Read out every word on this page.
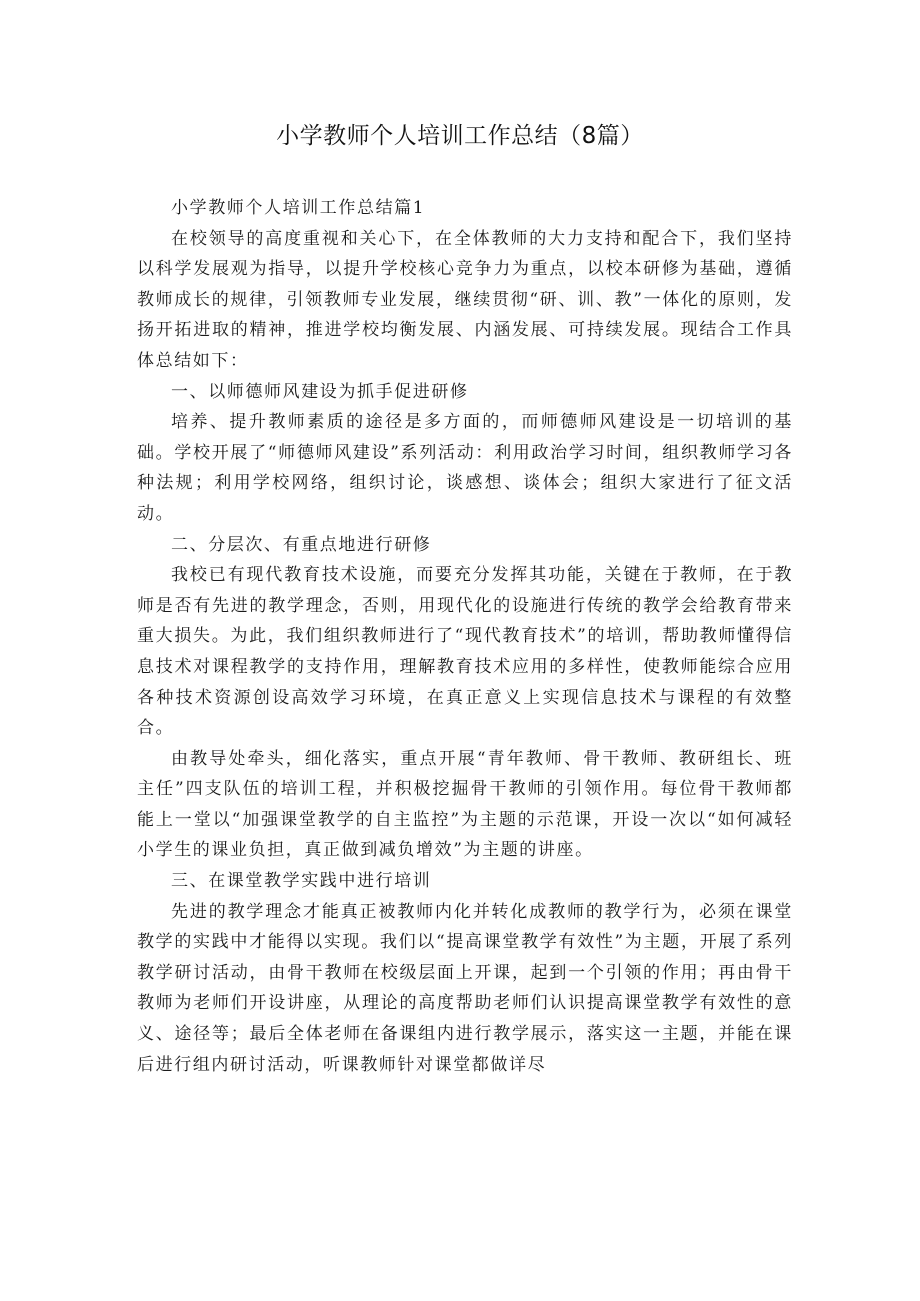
小学教师个人培训工作总结（8篇）

小学教师个人培训工作总结篇1

在校领导的高度重视和关心下，在全体教师的大力支持和配合下，我们坚持以科学发展观为指导，以提升学校核心竞争力为重点，以校本研修为基础，遵循教师成长的规律，引领教师专业发展，继续贯彻“研、训、教”一体化的原则，发扬开拓进取的精神，推进学校均衡发展、内涵发展、可持续发展。现结合工作具体总结如下：

一、以师德师风建设为抓手促进研修

培养、提升教师素质的途径是多方面的，而师德师风建设是一切培训的基础。学校开展了“师德师风建设”系列活动：利用政治学习时间，组织教师学习各种法规；利用学校网络，组织讨论，谈感想、谈体会；组织大家进行了征文活动。

二、分层次、有重点地进行研修

我校已有现代教育技术设施，而要充分发挥其功能，关键在于教师，在于教师是否有先进的教学理念，否则，用现代化的设施进行传统的教学会给教育带来重大损失。为此，我们组织教师进行了“现代教育技术”的培训，帮助教师懂得信息技术对课程教学的支持作用，理解教育技术应用的多样性，使教师能综合应用各种技术资源创设高效学习环境，在真正意义上实现信息技术与课程的有效整合。

由教导处牵头，细化落实，重点开展“青年教师、骨干教师、教研组长、班主任”四支队伍的培训工程，并积极挖掘骨干教师的引领作用。每位骨干教师都能上一堂以“加强课堂教学的自主监控”为主题的示范课，开设一次以“如何减轻小学生的课业负担，真正做到减负增效”为主题的讲座。

三、在课堂教学实践中进行培训

先进的教学理念才能真正被教师内化并转化成教师的教学行为，必须在课堂教学的实践中才能得以实现。我们以“提高课堂教学有效性”为主题，开展了系列教学研讨活动，由骨干教师在校级层面上开课，起到一个引领的作用；再由骨干教师为老师们开设讲座，从理论的高度帮助老师们认识提高课堂教学有效性的意义、途径等；最后全体老师在备课组内进行教学展示，落实这一主题，并能在课后进行组内研讨活动，听课教师针对课堂都做详尽
